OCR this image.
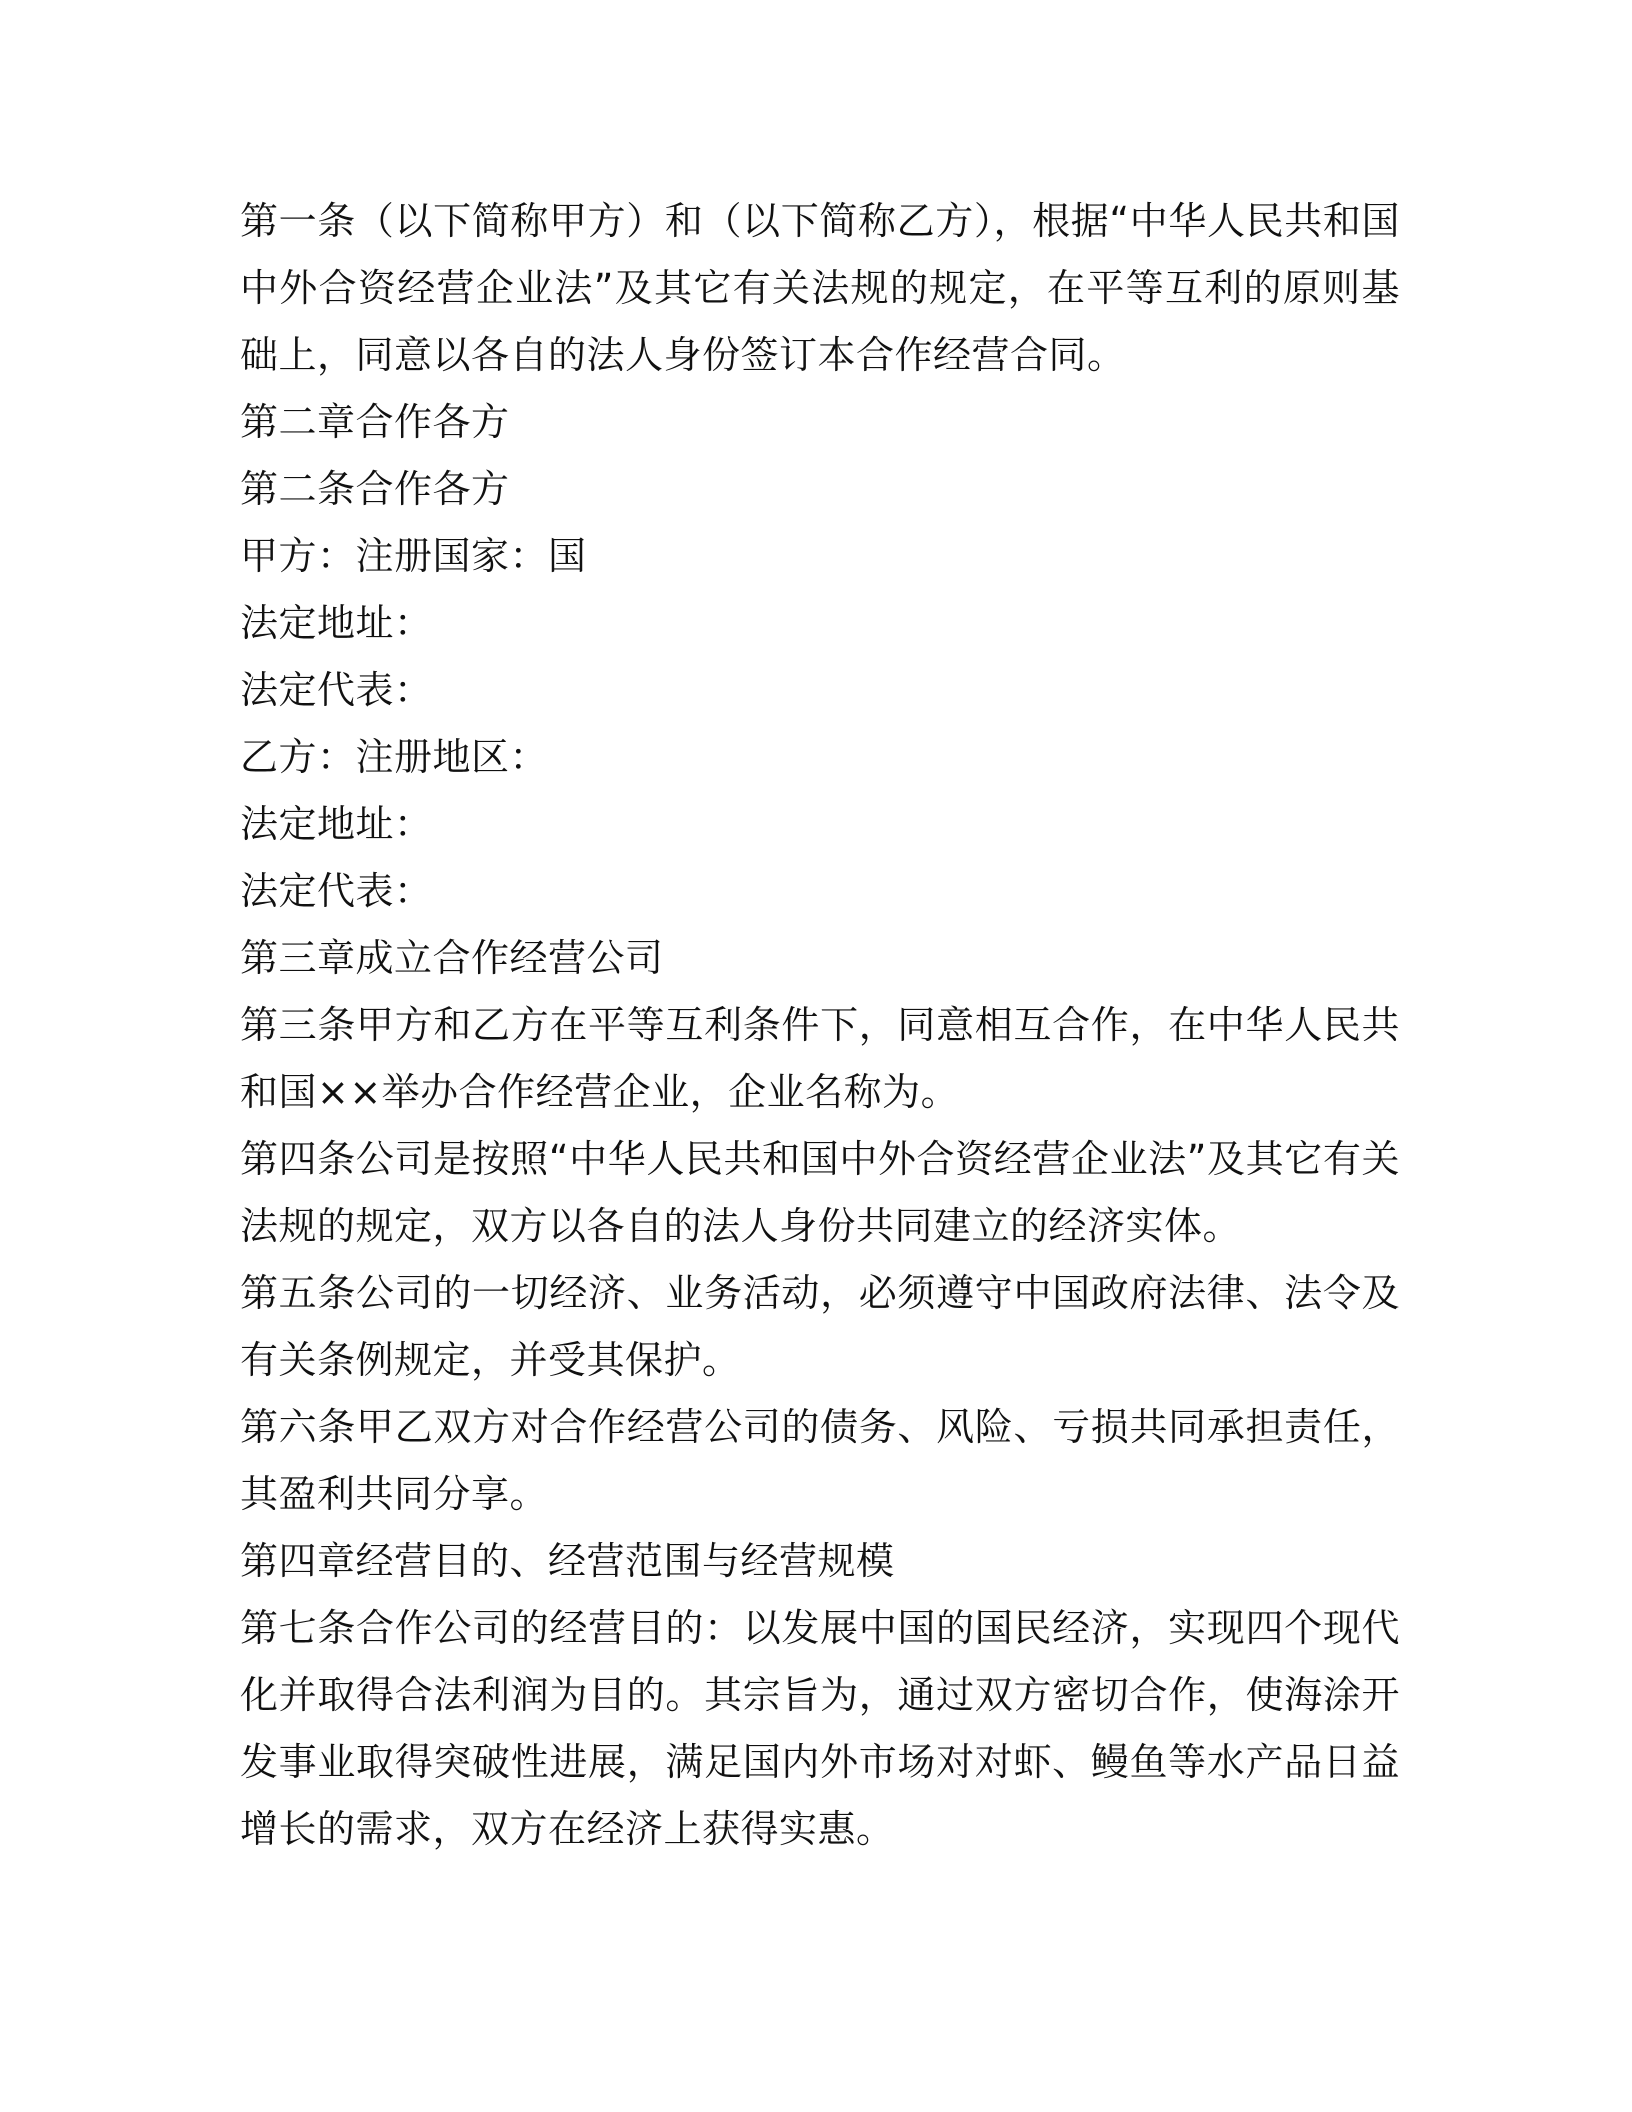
第一条（以下简称甲方）和（以下简称乙方），根据“中华人民共和国中外合资经营企业法”及其它有关法规的规定，在平等互利的原则基础上，同意以各自的法人身份签订本合作经营合同。

第二章合作各方

第二条合作各方

甲方：注册国家：国

法定地址：

法定代表：

乙方：注册地区：

法定地址：

法定代表：

第三章成立合作经营公司

第三条甲方和乙方在平等互利条件下，同意相互合作，在中华人民共和国××举办合作经营企业，企业名称为。

第四条公司是按照“中华人民共和国中外合资经营企业法”及其它有关法规的规定，双方以各自的法人身份共同建立的经济实体。

第五条公司的一切经济、业务活动，必须遵守中国政府法律、法令及有关条例规定，并受其保护。

第六条甲乙双方对合作经营公司的债务、风险、亏损共同承担责任，其盈利共同分享。

第四章经营目的、经营范围与经营规模

第七条合作公司的经营目的：以发展中国的国民经济，实现四个现代化并取得合法利润为目的。其宗旨为，通过双方密切合作，使海涂开发事业取得突破性进展，满足国内外市场对对虾、鳗鱼等水产品日益增长的需求，双方在经济上获得实惠。
